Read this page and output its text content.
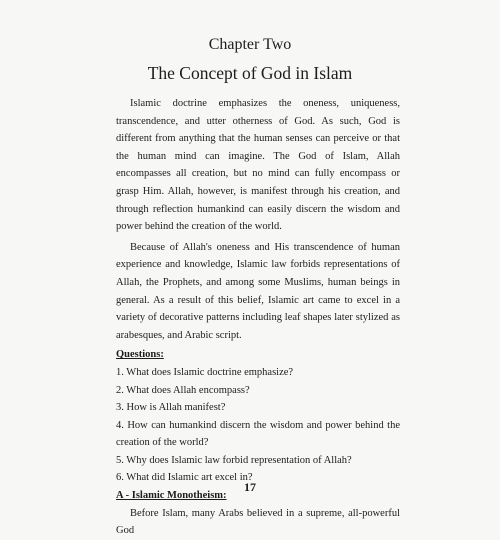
Chapter Two
The Concept of God in Islam

Islamic doctrine emphasizes the oneness, uniqueness, transcendence, and utter otherness of God. As such, God is different from anything that the human senses can perceive or that the human mind can imagine. The God of Islam, Allah encompasses all creation, but no mind can fully encompass or grasp Him. Allah, however, is manifest through his creation, and through reflection humankind can easily discern the wisdom and power behind the creation of the world.

Because of Allah's oneness and His transcendence of human experience and knowledge, Islamic law forbids representations of Allah, the Prophets, and among some Muslims, human beings in general. As a result of this belief, Islamic art came to excel in a variety of decorative patterns including leaf shapes later stylized as arabesques, and Arabic script.

Questions:

1. What does Islamic doctrine emphasize?

2. What does Allah encompass?

3. How is Allah manifest?

4. How can humankind discern the wisdom and power behind the creation of the world?

5. Why does Islamic law forbid representation of Allah?

6. What did Islamic art excel in?

A - Islamic Monotheism:

Before Islam, many Arabs believed in a supreme, all-powerful God

17
